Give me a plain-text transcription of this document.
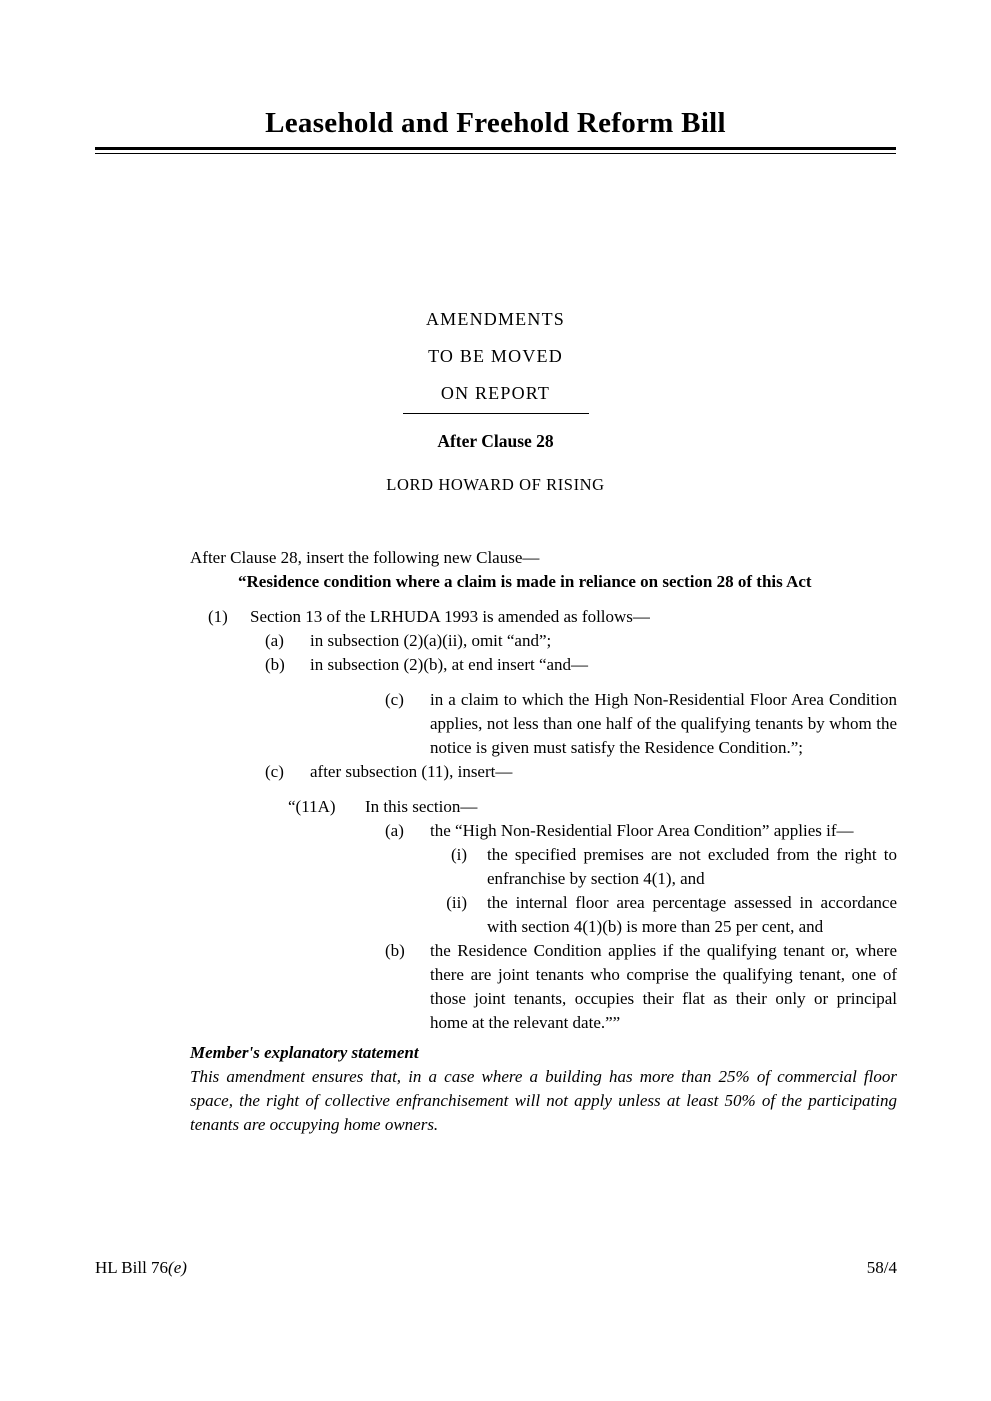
Leasehold and Freehold Reform Bill
AMENDMENTS
TO BE MOVED
ON REPORT
After Clause 28
LORD HOWARD OF RISING

After Clause 28, insert the following new Clause—

“Residence condition where a claim is made in reliance on section 28 of this Act

(1) Section 13 of the LRHUDA 1993 is amended as follows—
(a) in subsection (2)(a)(ii), omit “and”;
(b) in subsection (2)(b), at end insert “and—
(c) in a claim to which the High Non-Residential Floor Area Condition applies, not less than one half of the qualifying tenants by whom the notice is given must satisfy the Residence Condition.”;
(c) after subsection (11), insert—
“(11A) In this section—
(a) the “High Non-Residential Floor Area Condition” applies if—
(i) the specified premises are not excluded from the right to enfranchise by section 4(1), and
(ii) the internal floor area percentage assessed in accordance with section 4(1)(b) is more than 25 per cent, and
(b) the Residence Condition applies if the qualifying tenant or, where there are joint tenants who comprise the qualifying tenant, one of those joint tenants, occupies their flat as their only or principal home at the relevant date.””

Member's explanatory statement

This amendment ensures that, in a case where a building has more than 25% of commercial floor space, the right of collective enfranchisement will not apply unless at least 50% of the participating tenants are occupying home owners.

HL Bill 76(e)	58/4
